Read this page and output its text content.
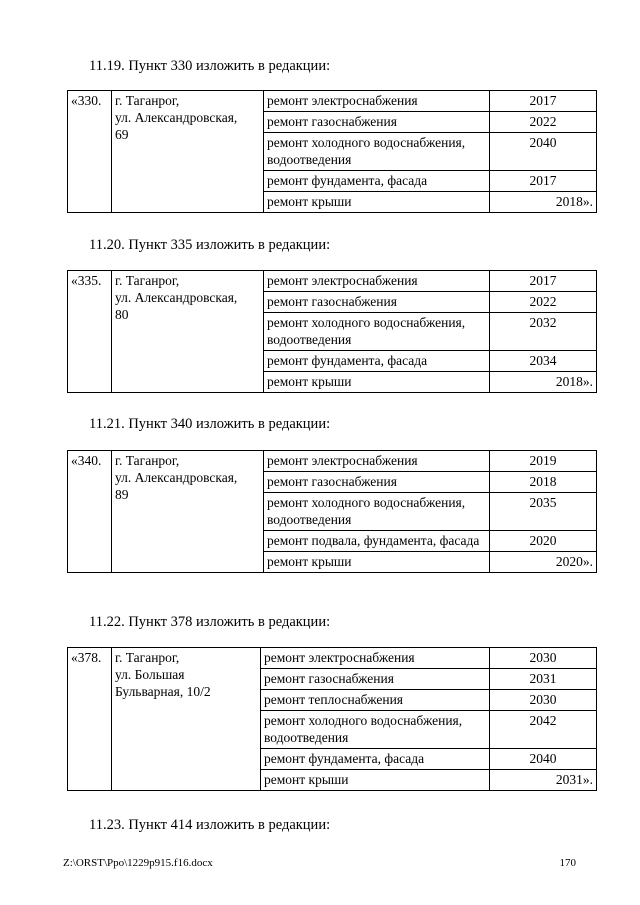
11.19. Пункт 330 изложить в редакции:
«330.	г. Таганрог,
ул. Александровская,
69	ремонт электроснабжения	2017
		ремонт газоснабжения	2022
		ремонт холодного водоснабжения, водоотведения	2040
		ремонт фундамента, фасада	2017
		ремонт крыши	2018».
11.20. Пункт 335 изложить в редакции:
«335.	г. Таганрог,
ул. Александровская,
80	ремонт электроснабжения	2017
		ремонт газоснабжения	2022
		ремонт холодного водоснабжения, водоотведения	2032
		ремонт фундамента, фасада	2034
		ремонт крыши	2018».
11.21. Пункт 340 изложить в редакции:
«340.	г. Таганрог,
ул. Александровская,
89	ремонт электроснабжения	2019
		ремонт газоснабжения	2018
		ремонт холодного водоснабжения, водоотведения	2035
		ремонт подвала, фундамента, фасада	2020
		ремонт крыши	2020».
11.22. Пункт 378 изложить в редакции:
«378.	г. Таганрог,
ул. Большая
Бульварная, 10/2	ремонт электроснабжения	2030
		ремонт газоснабжения	2031
		ремонт теплоснабжения	2030
		ремонт холодного водоснабжения, водоотведения	2042
		ремонт фундамента, фасада	2040
		ремонт крыши	2031».
11.23. Пункт 414 изложить в редакции:
Z:\ORST\Ppo\1229p915.f16.docx	170
